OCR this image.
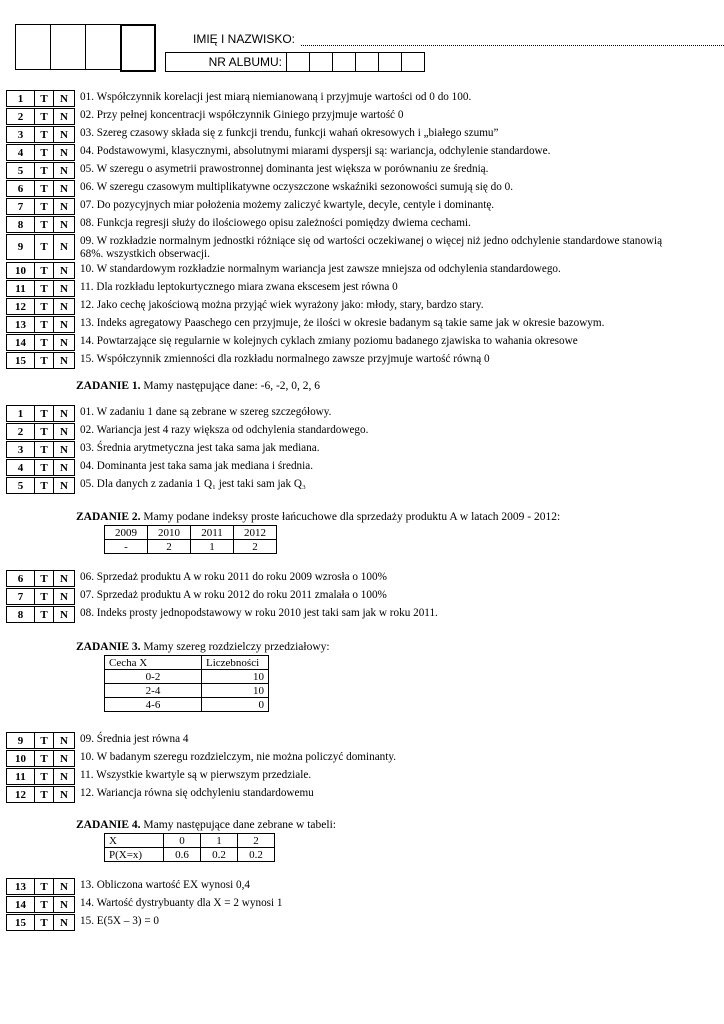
IMIĘ I NAZWISKO:
NR ALBUMU:
1	T	N	01. Współczynnik korelacji jest miarą niemianowaną i przyjmuje wartości od 0 do 100.
2	T	N	02. Przy pełnej koncentracji współczynnik Giniego przyjmuje wartość 0
3	T	N	03. Szereg czasowy składa się z funkcji trendu, funkcji wahań okresowych i „białego szumu”
4	T	N	04. Podstawowymi, klasycznymi, absolutnymi miarami dyspersji są: wariancja, odchylenie standardowe.
5	T	N	05. W szeregu o asymetrii prawostronnej dominanta jest większa w porównaniu ze średnią.
6	T	N	06. W szeregu czasowym multiplikatywne oczyszczone wskaźniki sezonowości sumują się do 0.
7	T	N	07. Do pozycyjnych miar położenia możemy zaliczyć kwartyle, decyle, centyle i dominantę.
8	T	N	08. Funkcja regresji służy do ilościowego opisu zależności pomiędzy dwiema cechami.
9	T	N	09. W rozkładzie normalnym jednostki różniące się od wartości oczekiwanej o więcej niż jedno odchylenie standardowe stanowią 68%. wszystkich obserwacji.
10	T	N	10. W standardowym rozkładzie normalnym wariancja jest zawsze mniejsza od odchylenia standardowego.
11	T	N	11. Dla rozkładu leptokurtycznego miara zwana ekscesem jest równa 0
12	T	N	12. Jako cechę jakościową można przyjąć wiek wyrażony jako: młody, stary, bardzo stary.
13	T	N	13. Indeks agregatowy Paaschego cen przyjmuje, że ilości w okresie badanym są takie same jak w okresie bazowym.
14	T	N	14. Powtarzające się regularnie w kolejnych cyklach zmiany poziomu badanego zjawiska to wahania okresowe
15	T	N	15. Współczynnik zmienności dla rozkładu normalnego zawsze przyjmuje wartość równą 0
1	T	N	01. W zadaniu 1 dane są zebrane w szereg szczegółowy.
2	T	N	02. Wariancja jest 4 razy większa od odchylenia standardowego.
3	T	N	03. Średnia arytmetyczna jest taka sama jak mediana.
4	T	N	04. Dominanta jest taka sama jak mediana i średnia.
5	T	N	05. Dla danych z zadania 1 Q₁ jest taki sam jak Q₃
6	T	N	06. Sprzedaż produktu A w roku 2011 do roku 2009 wzrosła o 100%
7	T	N	07. Sprzedaż produktu A w roku 2012 do roku 2011 zmalała o 100%
8	T	N	08. Indeks prosty jednopodstawowy w roku 2010 jest taki sam jak w roku 2011.
9	T	N	09. Średnia jest równa 4
10	T	N	10. W badanym szeregu rozdzielczym, nie można policzyć dominanty.
11	T	N	11. Wszystkie kwartyle są w pierwszym przedziale.
12	T	N	12. Wariancja równa się odchyleniu standardowemu
13	T	N	13. Obliczona wartość EX wynosi 0,4
14	T	N	14. Wartość dystrybuanty dla X = 2 wynosi 1
15	T	N	15. E(5X – 3) = 0
ZADANIE 1. Mamy następujące dane: -6, -2, 0, 2, 6
ZADANIE 2. Mamy podane indeksy proste łańcuchowe dla sprzedaży produktu A w latach 2009 - 2012:
2009	2010	2011	2012
-	2	1	2
ZADANIE 3. Mamy szereg rozdzielczy przedziałowy:
Cecha X	Liczebności
0-2	10
2-4	10
4-6	0
ZADANIE 4. Mamy następujące dane zebrane w tabeli:
X	0	1	2
P(X=x)	0.6	0.2	0.2
